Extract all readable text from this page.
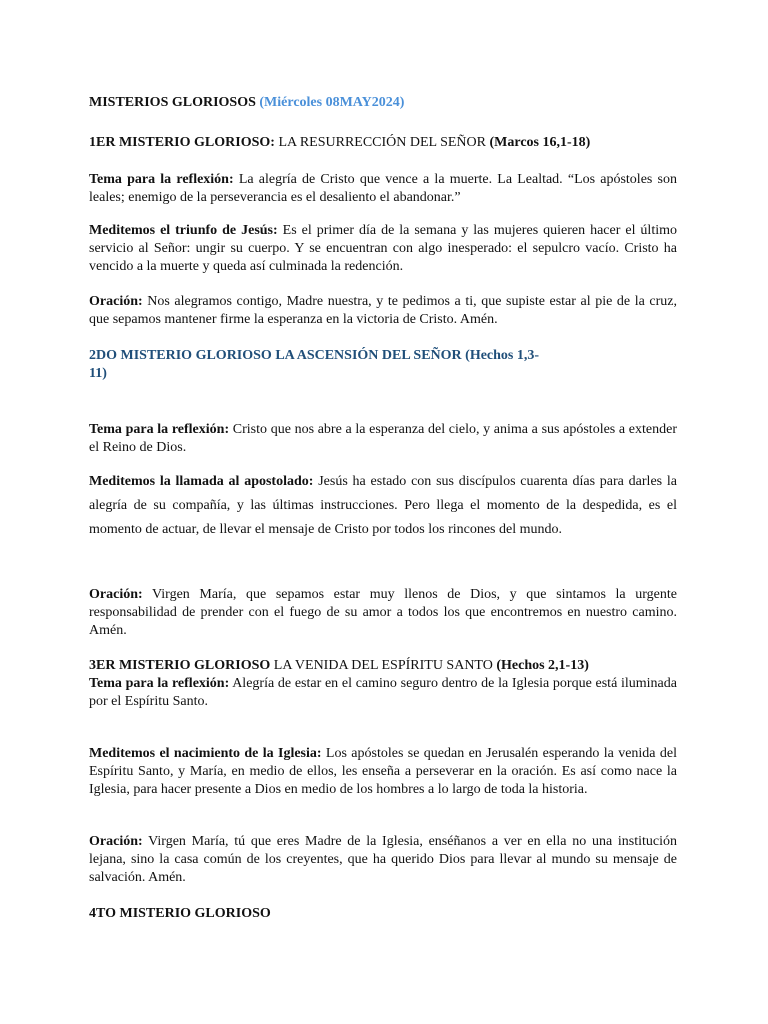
MISTERIOS GLORIOSOS (Miércoles 08MAY2024)
1ER MISTERIO GLORIOSO: LA RESURRECCIÓN DEL SEÑOR (Marcos 16,1-18)
Tema para la reflexión: La alegría de Cristo que vence a la muerte. La Lealtad. “Los apóstoles son leales; enemigo de la perseverancia es el desaliento el abandonar.”
Meditemos el triunfo de Jesús: Es el primer día de la semana y las mujeres quieren hacer el último servicio al Señor: ungir su cuerpo. Y se encuentran con algo inesperado: el sepulcro vacío. Cristo ha vencido a la muerte y queda así culminada la redención.
Oración: Nos alegramos contigo, Madre nuestra, y te pedimos a ti, que supiste estar al pie de la cruz, que sepamos mantener firme la esperanza en la victoria de Cristo. Amén.
2DO MISTERIO GLORIOSO LA ASCENSIÓN DEL SEÑOR (Hechos 1,3-
11)
Tema para la reflexión: Cristo que nos abre a la esperanza del cielo, y anima a sus apóstoles a extender el Reino de Dios.
Meditemos la llamada al apostolado: Jesús ha estado con sus discípulos cuarenta días para darles la alegría de su compañía, y las últimas instrucciones. Pero llega el momento de la despedida, es el momento de actuar, de llevar el mensaje de Cristo por todos los rincones del mundo.
Oración: Virgen María, que sepamos estar muy llenos de Dios, y que sintamos la urgente responsabilidad de prender con el fuego de su amor a todos los que encontremos en nuestro camino. Amén.
3ER MISTERIO GLORIOSO LA VENIDA DEL ESPÍRITU SANTO (Hechos 2,1-13)
Tema para la reflexión: Alegría de estar en el camino seguro dentro de la Iglesia porque está iluminada por el Espíritu Santo.
Meditemos el nacimiento de la Iglesia: Los apóstoles se quedan en Jerusalén esperando la venida del Espíritu Santo, y María, en medio de ellos, les enseña a perseverar en la oración. Es así como nace la Iglesia, para hacer presente a Dios en medio de los hombres a lo largo de toda la historia.
Oración: Virgen María, tú que eres Madre de la Iglesia, enséñanos a ver en ella no una institución lejana, sino la casa común de los creyentes, que ha querido Dios para llevar al mundo su mensaje de salvación. Amén.
4TO MISTERIO GLORIOSO
